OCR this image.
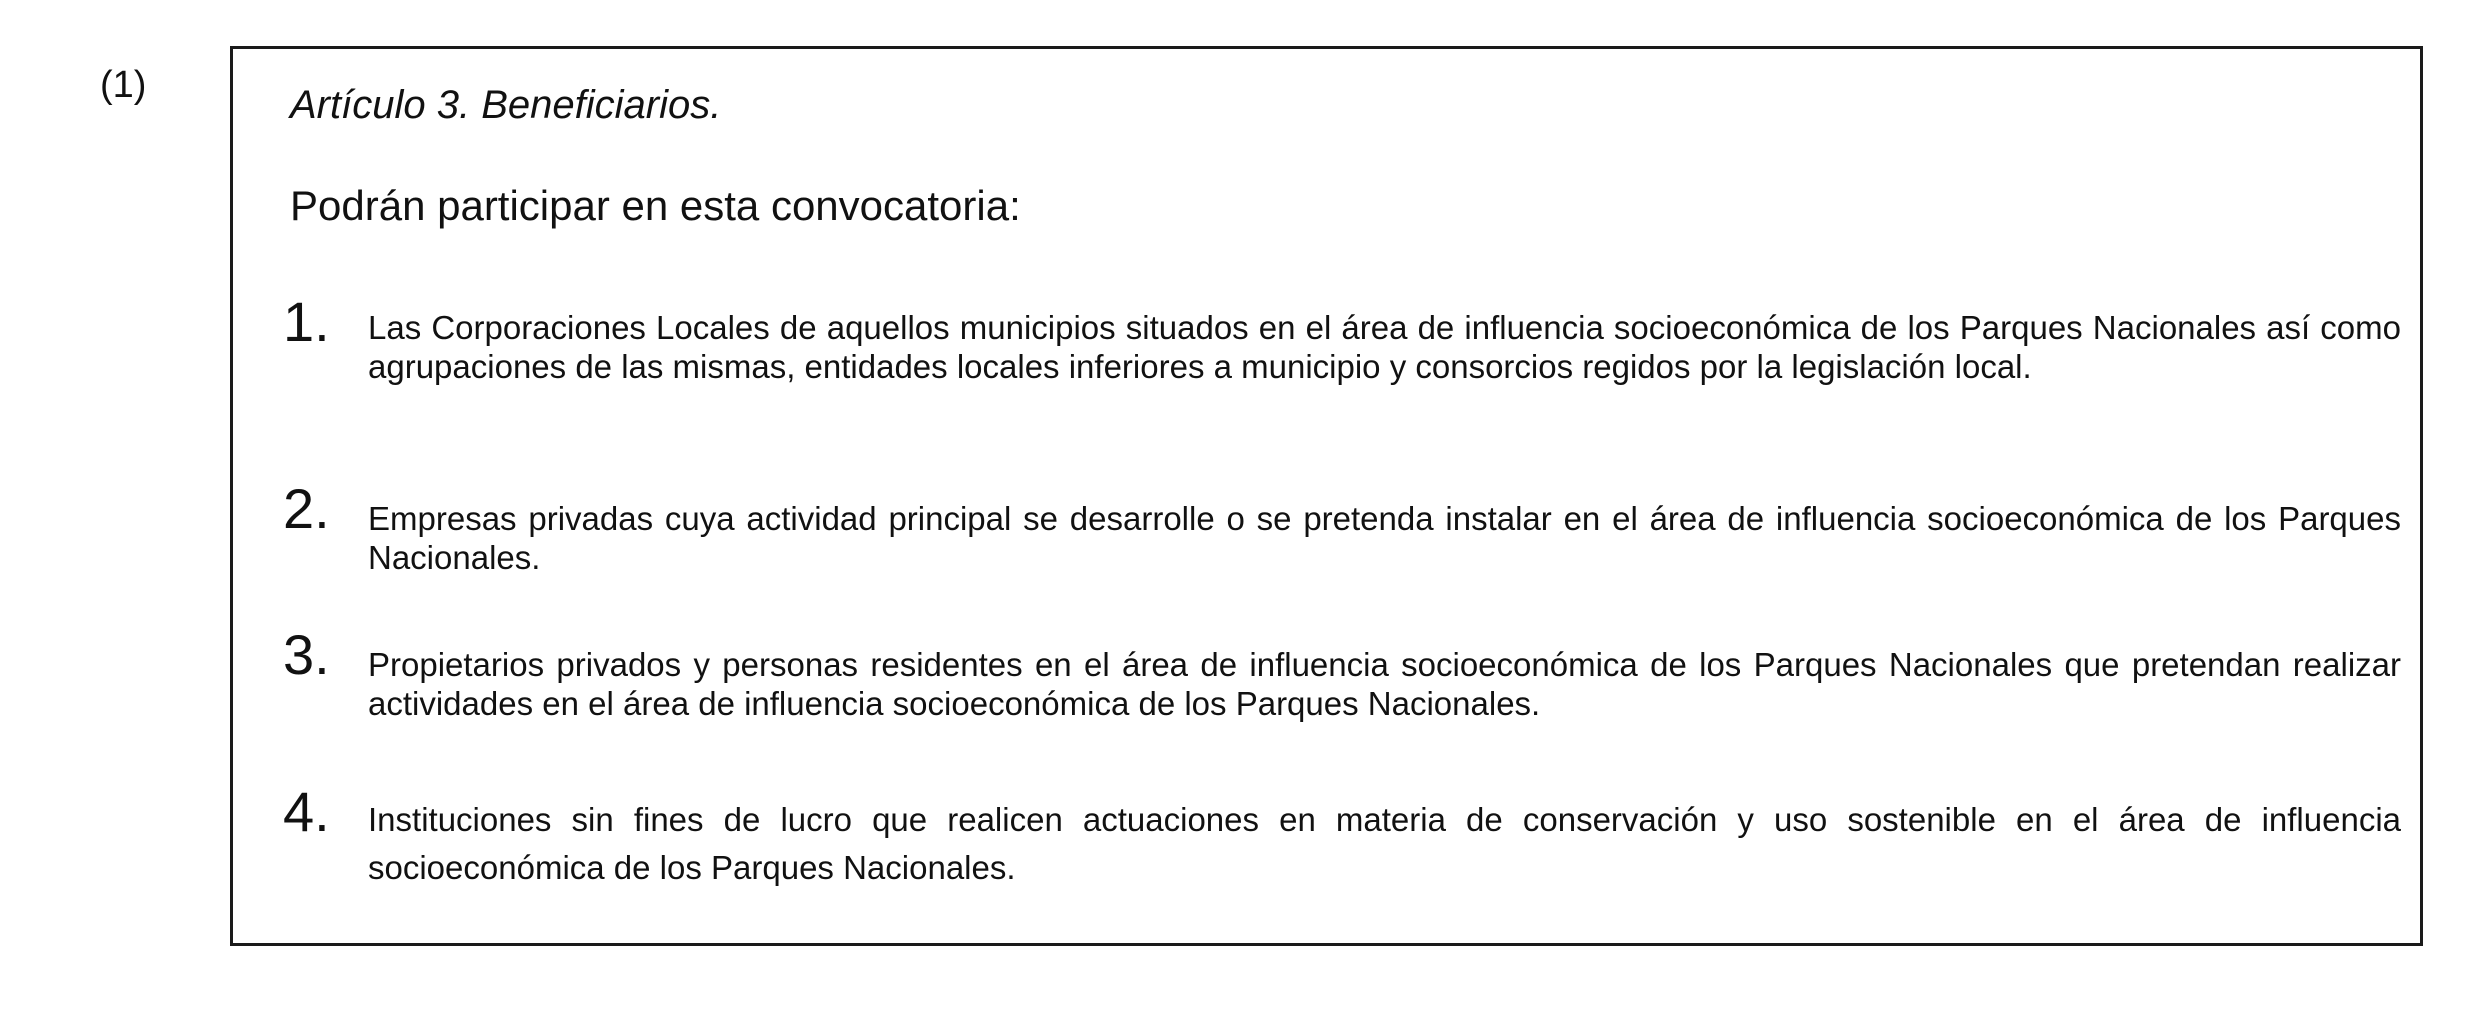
(1)	Artículo 3. Beneficiarios.
Podrán participar en esta convocatoria:
1. Las Corporaciones Locales de aquellos municipios situados en el área de influencia socioeconómica de los Parques Nacionales así como agrupaciones de las mismas, entidades locales inferiores a municipio y consorcios regidos por la legislación local.
2. Empresas privadas cuya actividad principal se desarrolle o se pretenda instalar en el área de influencia socioeconómica de los Parques Nacionales.
3. Propietarios privados y personas residentes en el área de influencia socioeconómica de los Parques Nacionales que pretendan realizar actividades en el área de influencia socioeconómica de los Parques Nacionales.
4. Instituciones sin fines de lucro que realicen actuaciones en materia de conservación y uso sostenible en el área de influencia socioeconómica de los Parques Nacionales.
